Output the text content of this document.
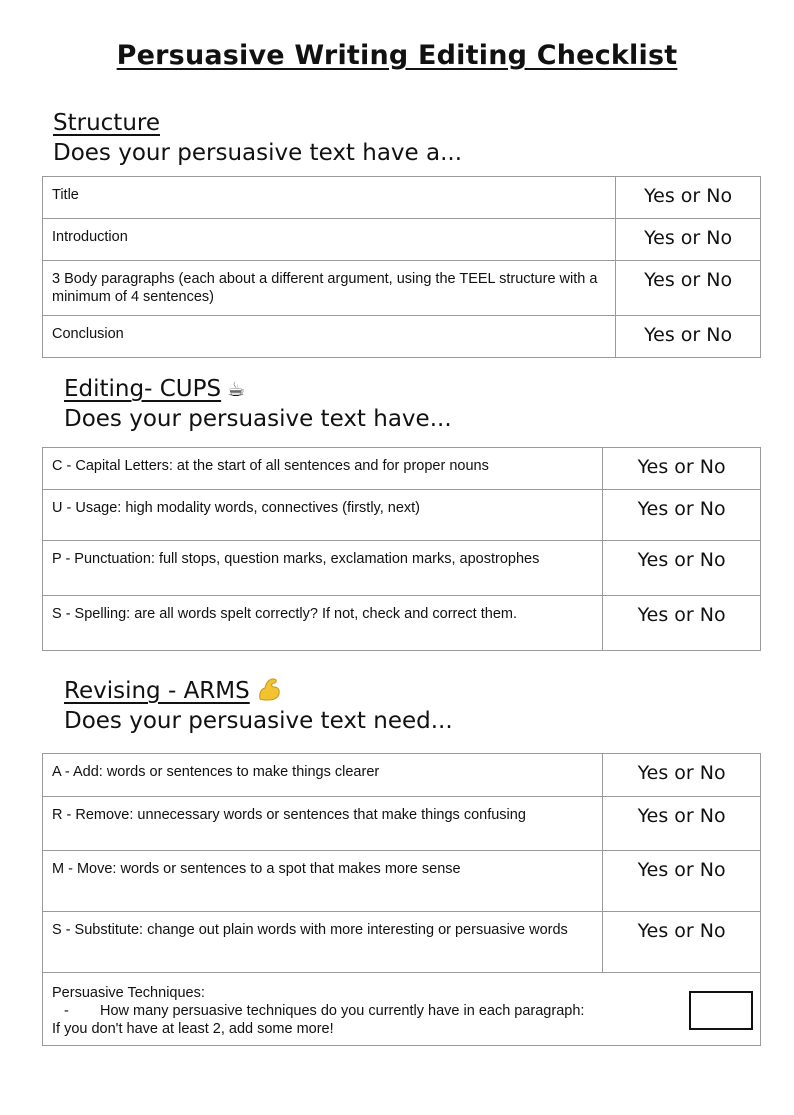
Persuasive Writing Editing Checklist
Structure
Does your persuasive text have a...
Title	Yes or No
Introduction	Yes or No
3 Body paragraphs (each about a different argument, using the TEEL structure with a minimum of 4 sentences)	Yes or No
Conclusion	Yes or No
Editing- CUPS ☕
Does your persuasive text have...
C - Capital Letters: at the start of all sentences and for proper nouns	Yes or No
U - Usage: high modality words, connectives (firstly, next)	Yes or No
P - Punctuation: full stops, question marks, exclamation marks, apostrophes	Yes or No
S - Spelling: are all words spelt correctly? If not, check and correct them.	Yes or No
Revising - ARMS
Does your persuasive text need...
A - Add: words or sentences to make things clearer	Yes or No
R - Remove: unnecessary words or sentences that make things confusing	Yes or No
M - Move: words or sentences to a spot that makes more sense	Yes or No
S - Substitute: change out plain words with more interesting or persuasive words	Yes or No

Persuasive Techniques:
- How many persuasive techniques do you currently have in each paragraph:
If you don't have at least 2, add some more!	
